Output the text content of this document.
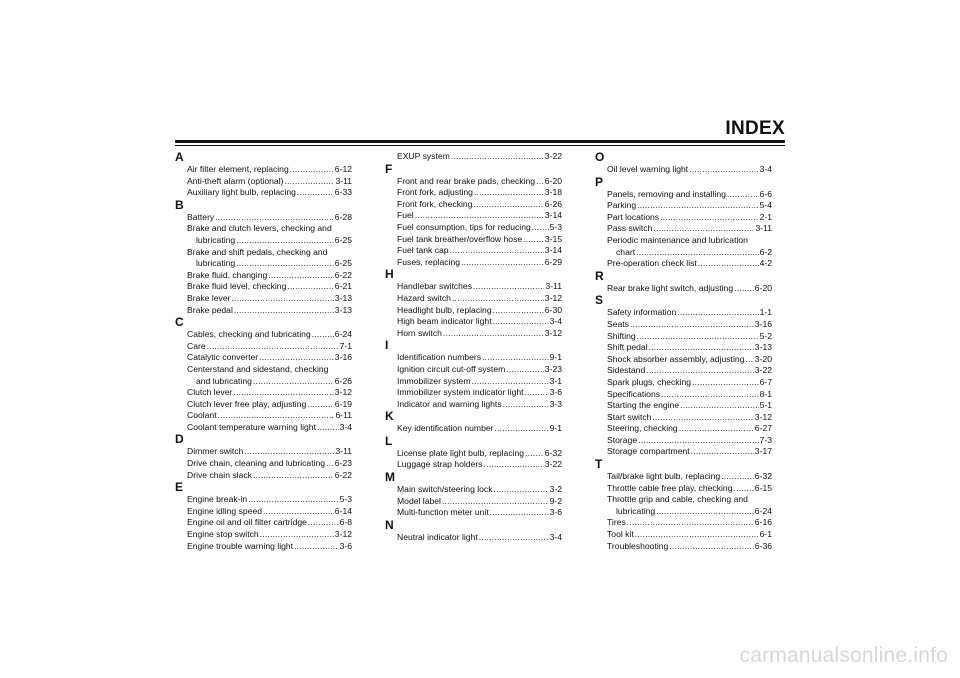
INDEX
A
Air filter element, replacing .....	6-12
Anti-theft alarm (optional) .....	3-11
Auxiliary light bulb, replacing .....	6-33
B
Battery .....	6-28
Brake and clutch levers, checking and
lubricating .....	6-25
Brake and shift pedals, checking and
lubricating .....	6-25
Brake fluid, changing .....	6-22
Brake fluid level, checking .....	6-21
Brake lever .....	3-13
Brake pedal .....	3-13
C
Cables, checking and lubricating .....	6-24
Care .....	7-1
Catalytic converter .....	3-16
Centerstand and sidestand, checking
and lubricating .....	6-26
Clutch lever .....	3-12
Clutch lever free play, adjusting .....	6-19
Coolant .....	6-11
Coolant temperature warning light .....	3-4
D
Dimmer switch .....	3-11
Drive chain, cleaning and lubricating ..... 6-23
Drive chain slack .....	6-22
E
Engine break-in .....	5-3
Engine idling speed .....	6-14
Engine oil and oil filter cartridge .....	6-8
Engine stop switch .....	3-12
Engine trouble warning light .....	3-6
EXUP system .....	3-22
F
Front and rear brake pads, checking ..... 6-20
Front fork, adjusting .....	3-18
Front fork, checking .....	6-26
Fuel .....	3-14
Fuel consumption, tips for reducing ..... 5-3
Fuel tank breather/overflow hose .....	3-15
Fuel tank cap .....	3-14
Fuses, replacing .....	6-29
H
Handlebar switches .....	3-11
Hazard switch .....	3-12
Headlight bulb, replacing .....	6-30
High beam indicator light .....	3-4
Horn switch .....	3-12
I
Identification numbers .....	9-1
Ignition circuit cut-off system .....	3-23
Immobilizer system .....	3-1
Immobilizer system indicator light .....	3-6
Indicator and warning lights .....	3-3
K
Key identification number .....	9-1
L
License plate light bulb, replacing ..... 6-32
Luggage strap holders .....	3-22
M
Main switch/steering lock .....	3-2
Model label .....	9-2
Multi-function meter unit .....	3-6
N
Neutral indicator light .....	3-4
O
Oil level warning light .....	3-4
P
Panels, removing and installing .....	6-6
Parking .....	5-4
Part locations .....	2-1
Pass switch .....	3-11
Periodic maintenance and lubrication
chart .....	6-2
Pre-operation check list .....	4-2
R
Rear brake light switch, adjusting .....	6-20
S
Safety information .....	1-1
Seats .....	3-16
Shifting .....	5-2
Shift pedal .....	3-13
Shock absorber assembly, adjusting ..... 3-20
Sidestand .....	3-22
Spark plugs, checking .....	6-7
Specifications .....	8-1
Starting the engine .....	5-1
Start switch .....	3-12
Steering, checking .....	6-27
Storage .....	7-3
Storage compartment .....	3-17
T
Tail/brake light bulb, replacing .....	6-32
Throttle cable free play, checking .....	6-15
Throttle grip and cable, checking and
lubricating .....	6-24
Tires .....	6-16
Tool kit .....	6-1
Troubleshooting .....	6-36
carmanualsonline.info
